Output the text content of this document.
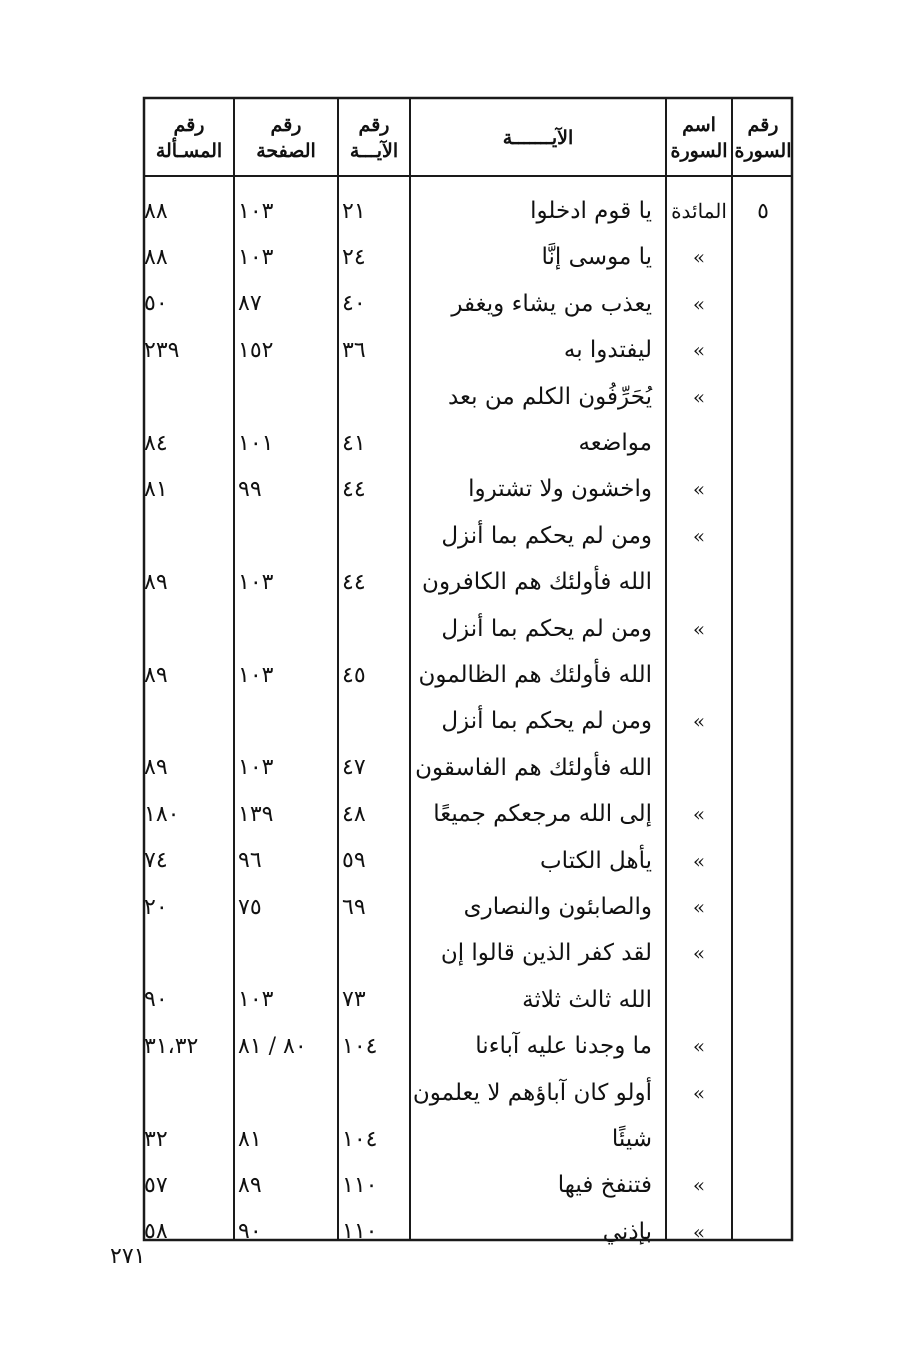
رقم
السورة
اسم
السورة
الآيـــــــة
رقم
الآيـــة
رقم
الصفحة
رقم
المسـألة
٥
المائدة
يا قوم ادخلوا
٢١
١٠٣
٨٨
»
يا موسى إنَّا
٢٤
١٠٣
٨٨
»
يعذب من يشاء ويغفر
٤٠
٨٧
٥٠
»
ليفتدوا به
٣٦
١٥٢
٢٣٩
»
يُحَرِّفُون الكلم من بعد
مواضعه
٤١
١٠١
٨٤
»
واخشون ولا تشتروا
٤٤
٩٩
٨١
»
ومن لم يحكم بما أنزل
الله فأولئك هم الكافرون
٤٤
١٠٣
٨٩
»
ومن لم يحكم بما أنزل
الله فأولئك هم الظالمون
٤٥
١٠٣
٨٩
»
ومن لم يحكم بما أنزل
الله فأولئك هم الفاسقون
٤٧
١٠٣
٨٩
»
إلى الله مرجعكم جميعًا
٤٨
١٣٩
١٨٠
»
يأهل الكتاب
٥٩
٩٦
٧٤
»
والصابئون والنصارى
٦٩
٧٥
٢٠
»
لقد كفر الذين قالوا إن
الله ثالث ثلاثة
٧٣
١٠٣
٩٠
»
ما وجدنا عليه آباءنا
١٠٤
٨٠ / ٨١
٣١،٣٢
»
أولو كان آباؤهم لا يعلمون
شيئًا
١٠٤
٨١
٣٢
»
فتنفخ فيها
١١٠
٨٩
٥٧
»
بإذني
١١٠
٩٠
٥٨
٢٧١
